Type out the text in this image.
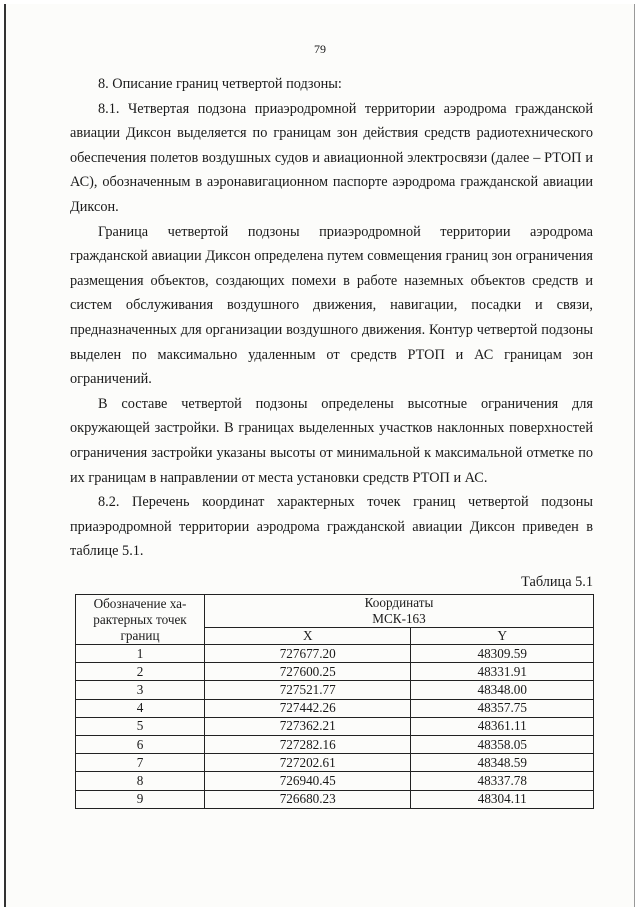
79

8. Описание границ четвертой подзоны:

8.1. Четвертая подзона приаэродромной территории аэродрома гражданской авиации Диксон выделяется по границам зон действия средств радиотехнического обеспечения полетов воздушных судов и авиационной электросвязи (далее – РТОП и АС), обозначенным в аэронавигационном паспорте аэродрома гражданской авиации Диксон.

Граница четвертой подзоны приаэродромной территории аэродрома гражданской авиации Диксон определена путем совмещения границ зон ограничения размещения объектов, создающих помехи в работе наземных объектов средств и систем обслуживания воздушного движения, навигации, посадки и связи, предназначенных для организации воздушного движения. Контур четвертой подзоны выделен по максимально удаленным от средств РТОП и АС границам зон ограничений.

В составе четвертой подзоны определены высотные ограничения для окружающей застройки. В границах выделенных участков наклонных поверхностей ограничения застройки указаны высоты от минимальной к максимальной отметке по их границам в направлении от места установки средств РТОП и АС.

8.2. Перечень координат характерных точек границ четвертой подзоны приаэродромной территории аэродрома гражданской авиации Диксон приведен в таблице 5.1.

Таблица 5.1
Обозначение ха-рактерных точек границ	Координаты
МСК-163	
	X	Y
1	727677.20	48309.59
2	727600.25	48331.91
3	727521.77	48348.00
4	727442.26	48357.75
5	727362.21	48361.11
6	727282.16	48358.05
7	727202.61	48348.59
8	726940.45	48337.78
9	726680.23	48304.11
